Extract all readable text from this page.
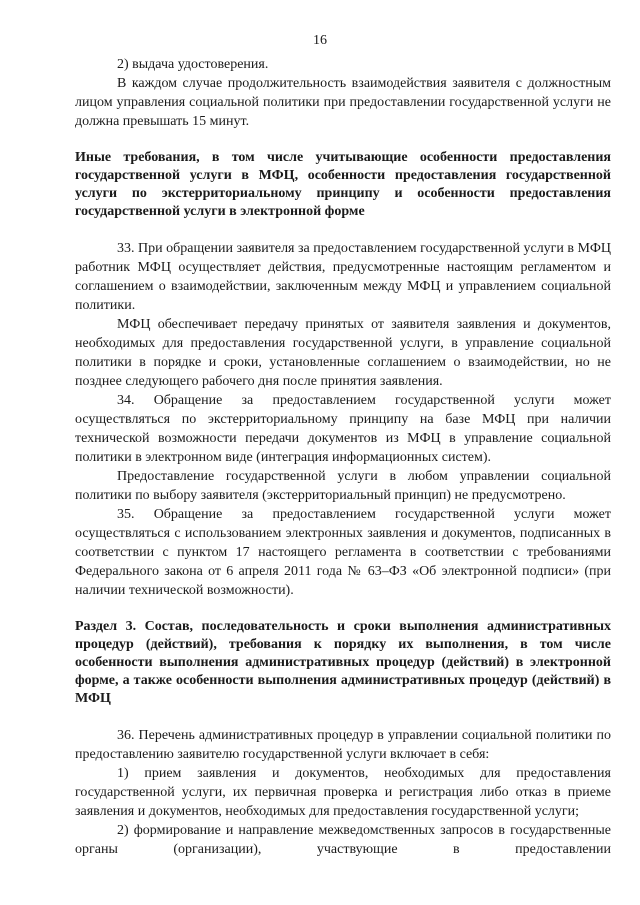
16

2) выдача удостоверения.

В каждом случае продолжительность взаимодействия заявителя с должностным лицом управления социальной политики при предоставлении государственной услуги не должна превышать 15 минут.

Иные требования, в том числе учитывающие особенности предоставления государственной услуги в МФЦ, особенности предоставления государственной услуги по экстерриториальному принципу и особенности предоставления государственной услуги в электронной форме

33. При обращении заявителя за предоставлением государственной услуги в МФЦ работник МФЦ осуществляет действия, предусмотренные настоящим регламентом и соглашением о взаимодействии, заключенным между МФЦ и управлением социальной политики.

МФЦ обеспечивает передачу принятых от заявителя заявления и документов, необходимых для предоставления государственной услуги, в управление социальной политики в порядке и сроки, установленные соглашением о взаимодействии, но не позднее следующего рабочего дня после принятия заявления.

34. Обращение за предоставлением государственной услуги может осуществляться по экстерриториальному принципу на базе МФЦ при наличии технической возможности передачи документов из МФЦ в управление социальной политики в электронном виде (интеграция информационных систем).

Предоставление государственной услуги в любом управлении социальной политики по выбору заявителя (экстерриториальный принцип) не предусмотрено.

35. Обращение за предоставлением государственной услуги может осуществляться с использованием электронных заявления и документов, подписанных в соответствии с пунктом 17 настоящего регламента в соответствии с требованиями Федерального закона от 6 апреля 2011 года № 63–ФЗ «Об электронной подписи» (при наличии технической возможности).

Раздел 3. Состав, последовательность и сроки выполнения административных процедур (действий), требования к порядку их выполнения, в том числе особенности выполнения административных процедур (действий) в электронной форме, а также особенности выполнения административных процедур (действий) в МФЦ

36. Перечень административных процедур в управлении социальной политики по предоставлению заявителю государственной услуги включает в себя:

1) прием заявления и документов, необходимых для предоставления государственной услуги, их первичная проверка и регистрация либо отказ в приеме заявления и документов, необходимых для предоставления государственной услуги;

2) формирование и направление межведомственных запросов в государственные органы (организации), участвующие в предоставлении
